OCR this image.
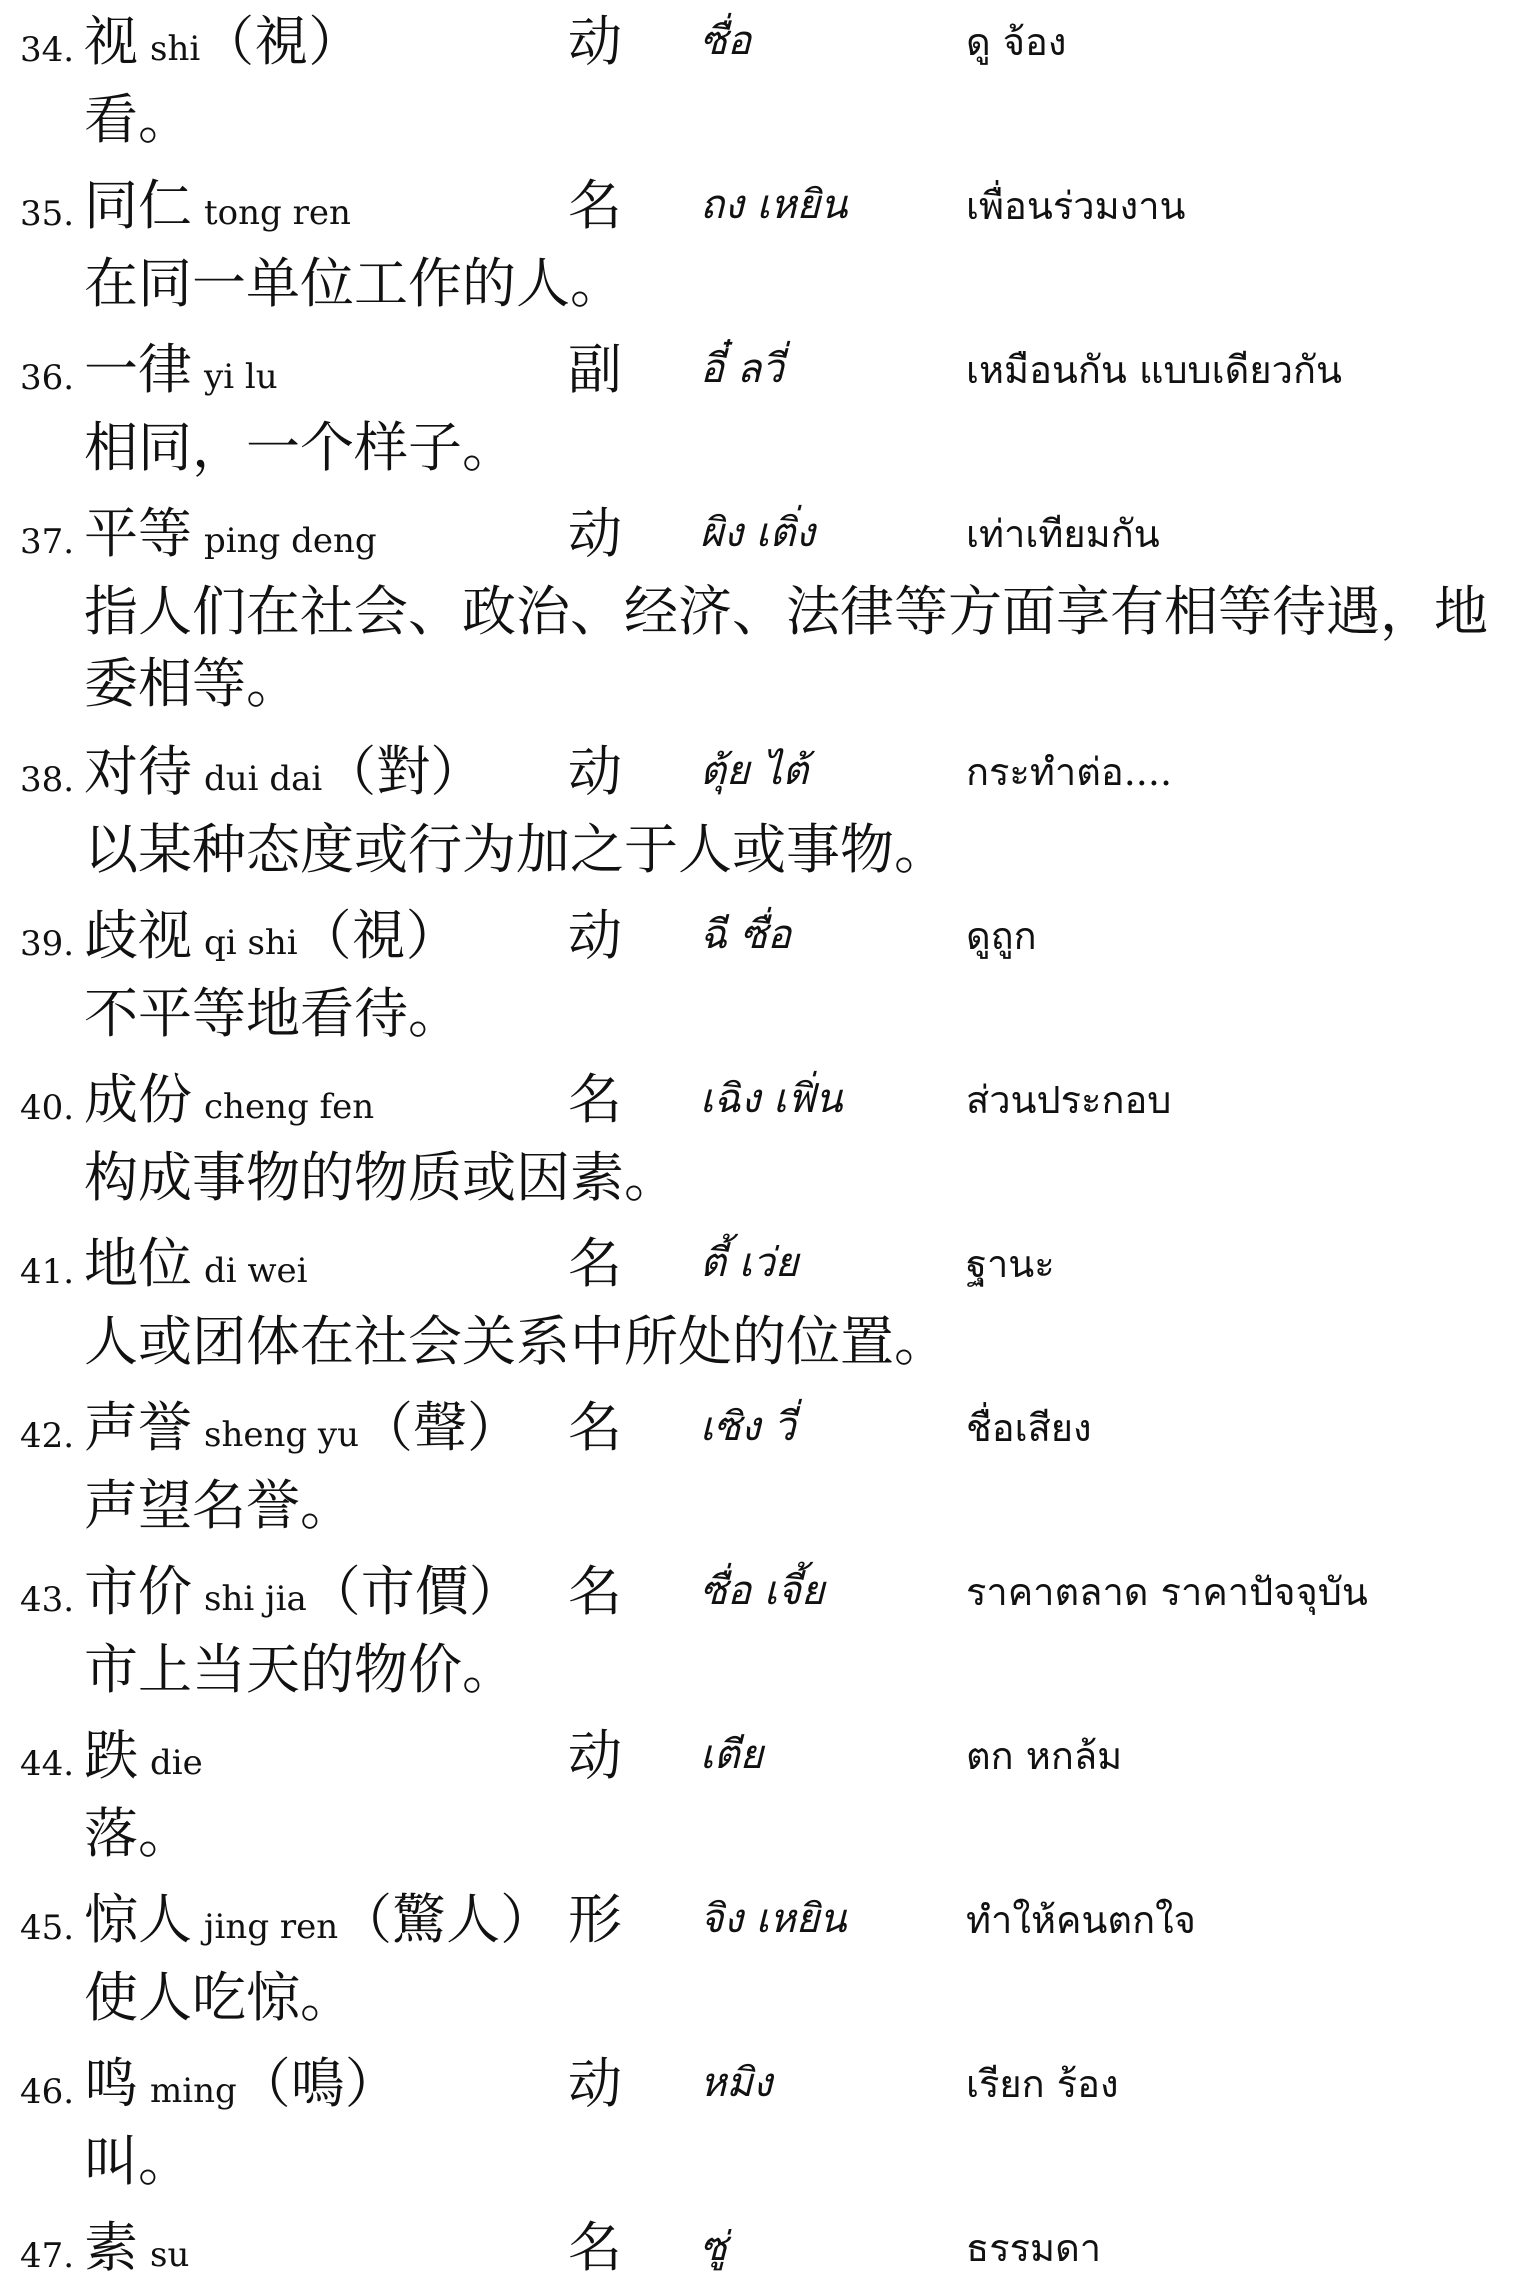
34. 视shi（視）	动 ซื่อ	ดู จ้อง
看。
35. 同仁 tong ren	名 ถง เหยิน	เพื่อนร่วมงาน
在同一单位工作的人。
36. 一律 yi lu	副 อี๋ ลวี่	เหมือนกัน แบบเดียวกัน
相同，一个样子。
37. 平等 ping deng	动 ผิง เติ่ง	เท่าเทียมกัน
指人们在社会、政治、经济、法律等方面享有相等待遇，地委相等。
38. 对待 dui dai（對） 动 ตุ้ย ไต้	กระทำต่อ....
以某种态度或行为加之于人或事物。
39. 歧视 qi shi（視） 动 ฉี ซื่อ	ดูถูก
不平等地看待。
40. 成份 cheng fen	名 เฉิง เฟิ่น	ส่วนประกอบ
构成事物的物质或因素。
41. 地位 di wei	名 ตี้ เว่ย	ฐานะ
人或团体在社会关系中所处的位置。
42. 声誉 sheng yu（聲） 名 เซิง วี่	ชื่อเสียง
声望名誉。
43. 市价 shi jia（市價） 名 ซื่อ เจี้ย	ราคาตลาด ราคาปัจจุบัน
市上当天的物价。
44. 跌die	动 เตีย	ตก หกล้ม
落。
45. 惊人 jing ren（驚人） 形 จิง เหยิน	ทำให้คนตกใจ
使人吃惊。
46. 鸣ming（鳴）	动 หมิง	เรียก ร้อง
叫。
47. 素su	名 ซู่	ธรรมดา
